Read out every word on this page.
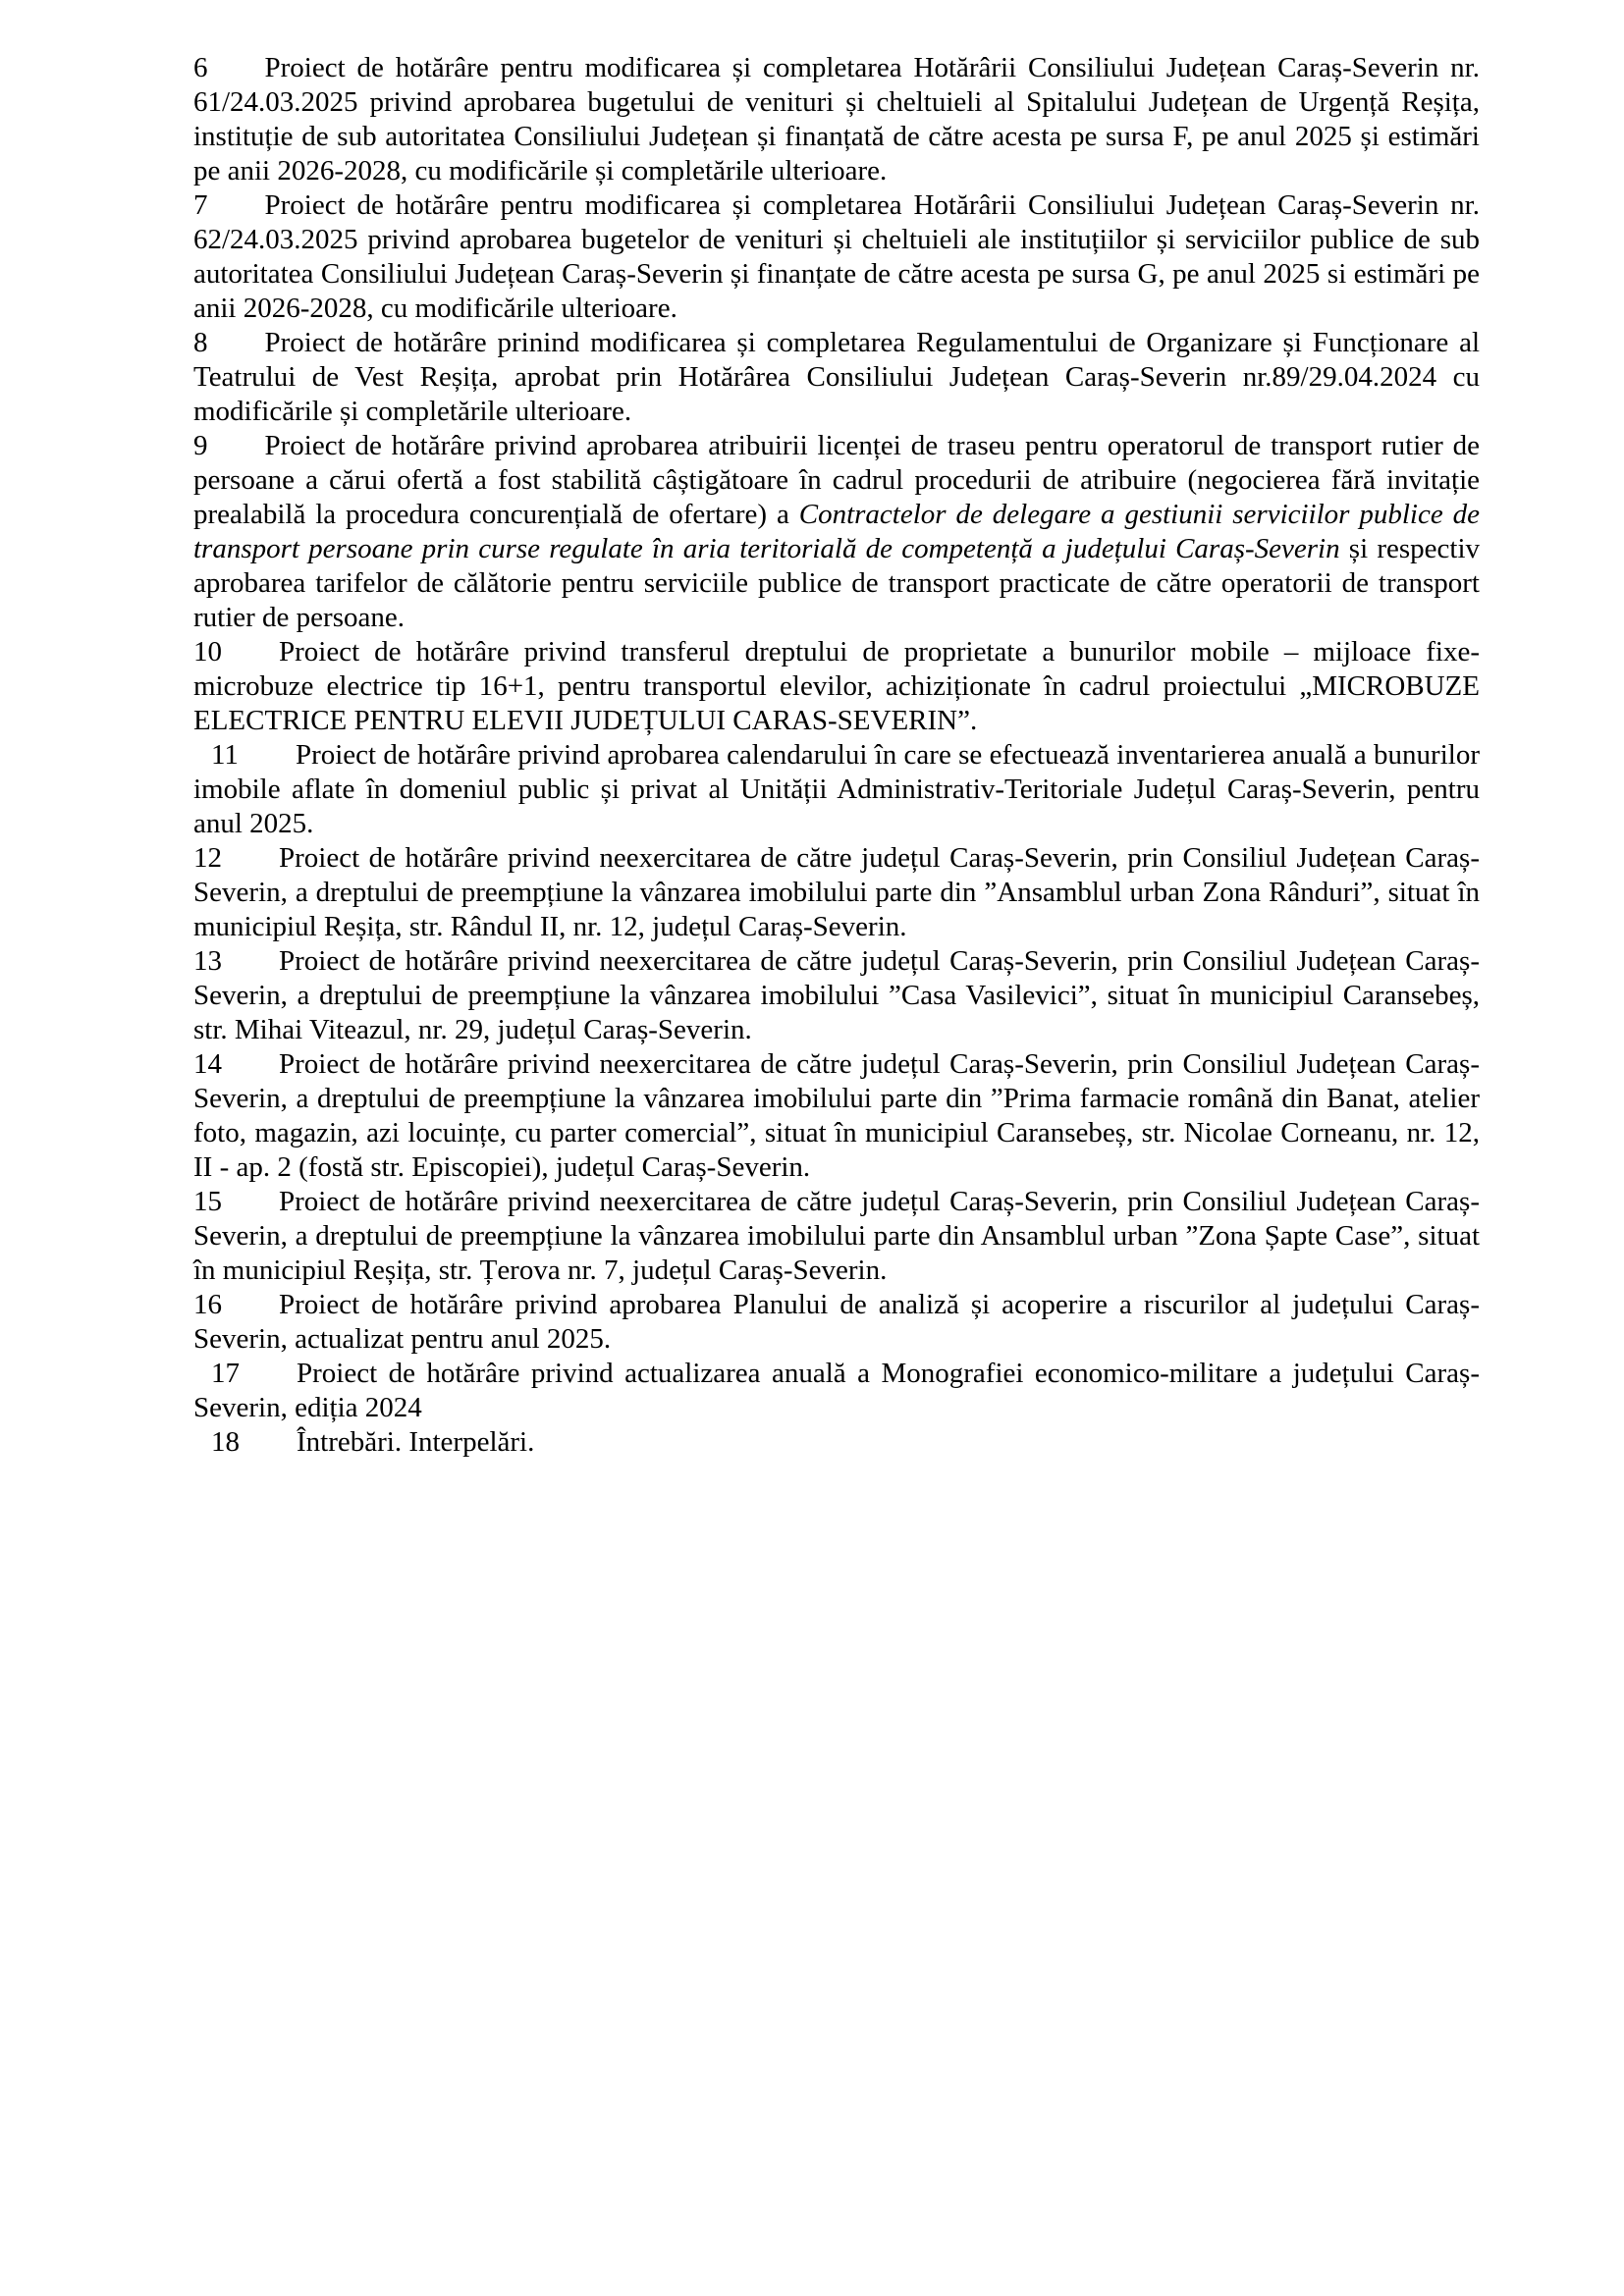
6 Proiect de hotărâre pentru modificarea și completarea Hotărârii Consiliului Județean Caraș-Severin nr. 61/24.03.2025 privind aprobarea bugetului de venituri și cheltuieli al Spitalului Județean de Urgență Reșița, instituție de sub autoritatea Consiliului Județean și finanțată de către acesta pe sursa F, pe anul 2025 și estimări pe anii 2026-2028, cu modificările și completările ulterioare.

7 Proiect de hotărâre pentru modificarea și completarea Hotărârii Consiliului Județean Caraș-Severin nr. 62/24.03.2025 privind aprobarea bugetelor de venituri și cheltuieli ale instituțiilor și serviciilor publice de sub autoritatea Consiliului Județean Caraș-Severin și finanțate de către acesta pe sursa G, pe anul 2025 si estimări pe anii 2026-2028, cu modificările ulterioare.

8 Proiect de hotărâre prinind modificarea și completarea Regulamentului de Organizare și Funcționare al Teatrului de Vest Reșița, aprobat prin Hotărârea Consiliului Județean Caraș-Severin nr.89/29.04.2024 cu modificările și completările ulterioare.

9 Proiect de hotărâre privind aprobarea atribuirii licenței de traseu pentru operatorul de transport rutier de persoane a cărui ofertă a fost stabilită câștigătoare în cadrul procedurii de atribuire (negocierea fără invitație prealabilă la procedura concurențială de ofertare) a Contractelor de delegare a gestiunii serviciilor publice de transport persoane prin curse regulate în aria teritorială de competență a județului Caraș-Severin și respectiv aprobarea tarifelor de călătorie pentru serviciile publice de transport practicate de către operatorii de transport rutier de persoane.

10 Proiect de hotărâre privind transferul dreptului de proprietate a bunurilor mobile – mijloace fixe- microbuze electrice tip 16+1, pentru transportul elevilor, achiziționate în cadrul proiectului „MICROBUZE ELECTRICE PENTRU ELEVII JUDEȚULUI CARAS-SEVERIN”.

11 Proiect de hotărâre privind aprobarea calendarului în care se efectuează inventarierea anuală a bunurilor imobile aflate în domeniul public și privat al Unității Administrativ-Teritoriale Județul Caraș-Severin, pentru anul 2025.

12 Proiect de hotărâre privind neexercitarea de către județul Caraș-Severin, prin Consiliul Județean Caraș-Severin, a dreptului de preempțiune la vânzarea imobilului parte din ”Ansamblul urban Zona Rânduri”, situat în municipiul Reșița, str. Rândul II, nr. 12, județul Caraș-Severin.

13 Proiect de hotărâre privind neexercitarea de către județul Caraș-Severin, prin Consiliul Județean Caraș-Severin, a dreptului de preempțiune la vânzarea imobilului ”Casa Vasilevici”, situat în municipiul Caransebeș, str. Mihai Viteazul, nr. 29, județul Caraș-Severin.

14 Proiect de hotărâre privind neexercitarea de către județul Caraș-Severin, prin Consiliul Județean Caraș-Severin, a dreptului de preempțiune la vânzarea imobilului parte din ”Prima farmacie română din Banat, atelier foto, magazin, azi locuințe, cu parter comercial”, situat în municipiul Caransebeș, str. Nicolae Corneanu, nr. 12, II - ap. 2 (fostă str. Episcopiei), județul Caraș-Severin.

15 Proiect de hotărâre privind neexercitarea de către județul Caraș-Severin, prin Consiliul Județean Caraș-Severin, a dreptului de preempțiune la vânzarea imobilului parte din Ansamblul urban ”Zona Șapte Case”, situat în municipiul Reșița, str. Țerova nr. 7, județul Caraș-Severin.

16 Proiect de hotărâre privind aprobarea Planului de analiză și acoperire a riscurilor al județului Caraș-Severin, actualizat pentru anul 2025.

17 Proiect de hotărâre privind actualizarea anuală a Monografiei economico-militare a județului Caraș-Severin, ediția 2024

18 Întrebări. Interpelări.
